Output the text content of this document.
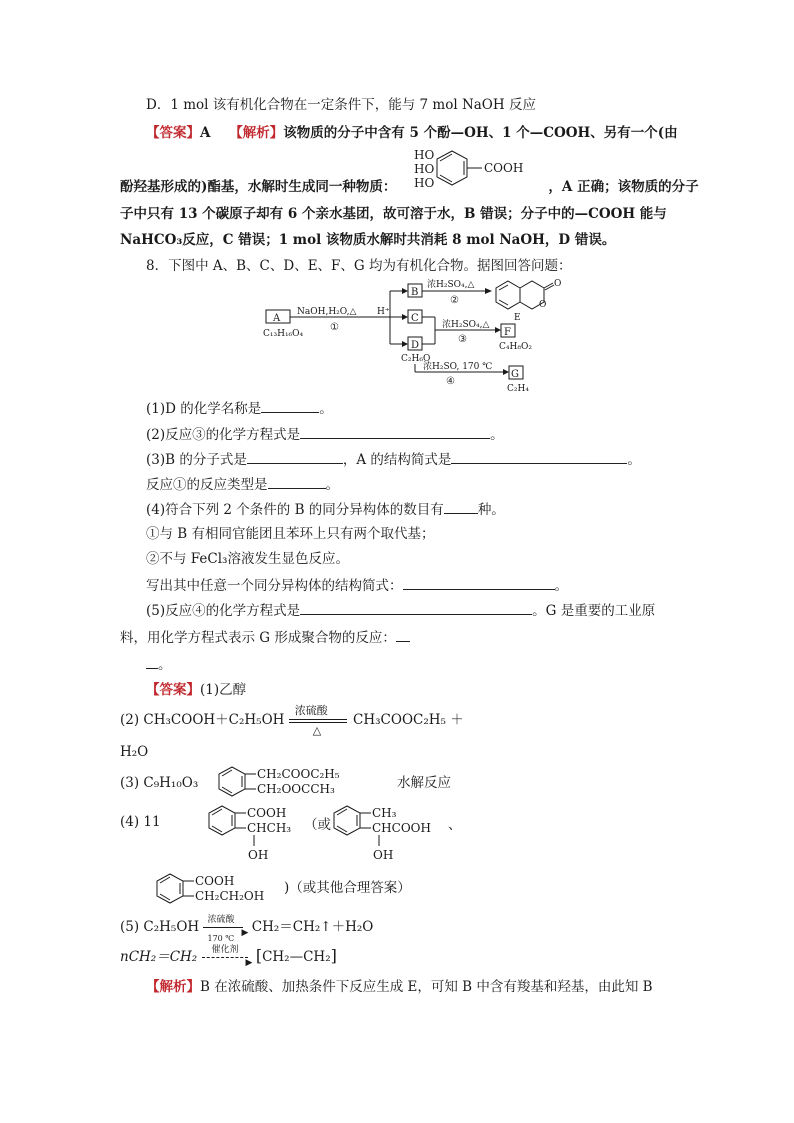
D．1 mol 该有机化合物在一定条件下，能与 7 mol NaOH 反应
【答案】A 【解析】该物质的分子中含有 5 个酚—OH、1 个—COOH、另有一个(由
HO
HO
HO
COOH
酚羟基形成的)酯基，水解时生成同一种物质：	，A 正确；该物质的分子
子中只有 13 个碳原子却有 6 个亲水基团，故可溶于水，B 错误；分子中的—COOH 能与
NaHCO₃反应，C 错误；1 mol 该物质水解时共消耗 8 mol NaOH，D 错误。
8．下图中 A、B、C、D、E、F、G 均为有机化合物。据图回答问题：
A
C₁₃H₁₆O₄
NaOH,H₂O,△
①
H⁺
B
C
D
C₂H₆O
浓H₂SO₄,△
②
O
O
E
浓H₂SO₄,△
③
F
C₄H₈O₂
浓H₂SO, 170 ℃
④
G
C₂H₄
(1)D 的化学名称是	。
(2)反应③的化学方程式是	。
(3)B 的分子式是	，A 的结构简式是	。
反应①的反应类型是	。
(4)符合下列 2 个条件的 B 的同分异构体的数目有	种。
①与 B 有相同官能团且苯环上只有两个取代基；
②不与 FeCl₃溶液发生显色反应。
写出其中任意一个同分异构体的结构简式：	。
(5)反应④的化学方程式是	。G 是重要的工业原
料，用化学方程式表示 G 形成聚合物的反应：
。
【答案】(1)乙醇
(2) CH₃COOH＋C₂H₅OH
浓硫酸
△
CH₃COOC₂H₅ ＋
H₂O
(3) C₉H₁₀O₃
CH₂COOC₂H₅
CH₂OOCCH₃	水解反应
(4) 11
COOH
CHCH₃
OH
（或
CH₃
CHCOOH
OH
、
COOH
CH₂CH₂OH )（或其他合理答案）
(5) C₂H₅OH 浓硫酸
▶
170 ℃
CH₂＝CH₂↑＋H₂O
nCH₂＝CH₂ 催化剂
▶ [CH₂—CH₂]
【解析】B 在浓硫酸、加热条件下反应生成 E，可知 B 中含有羧基和羟基，由此知 B
